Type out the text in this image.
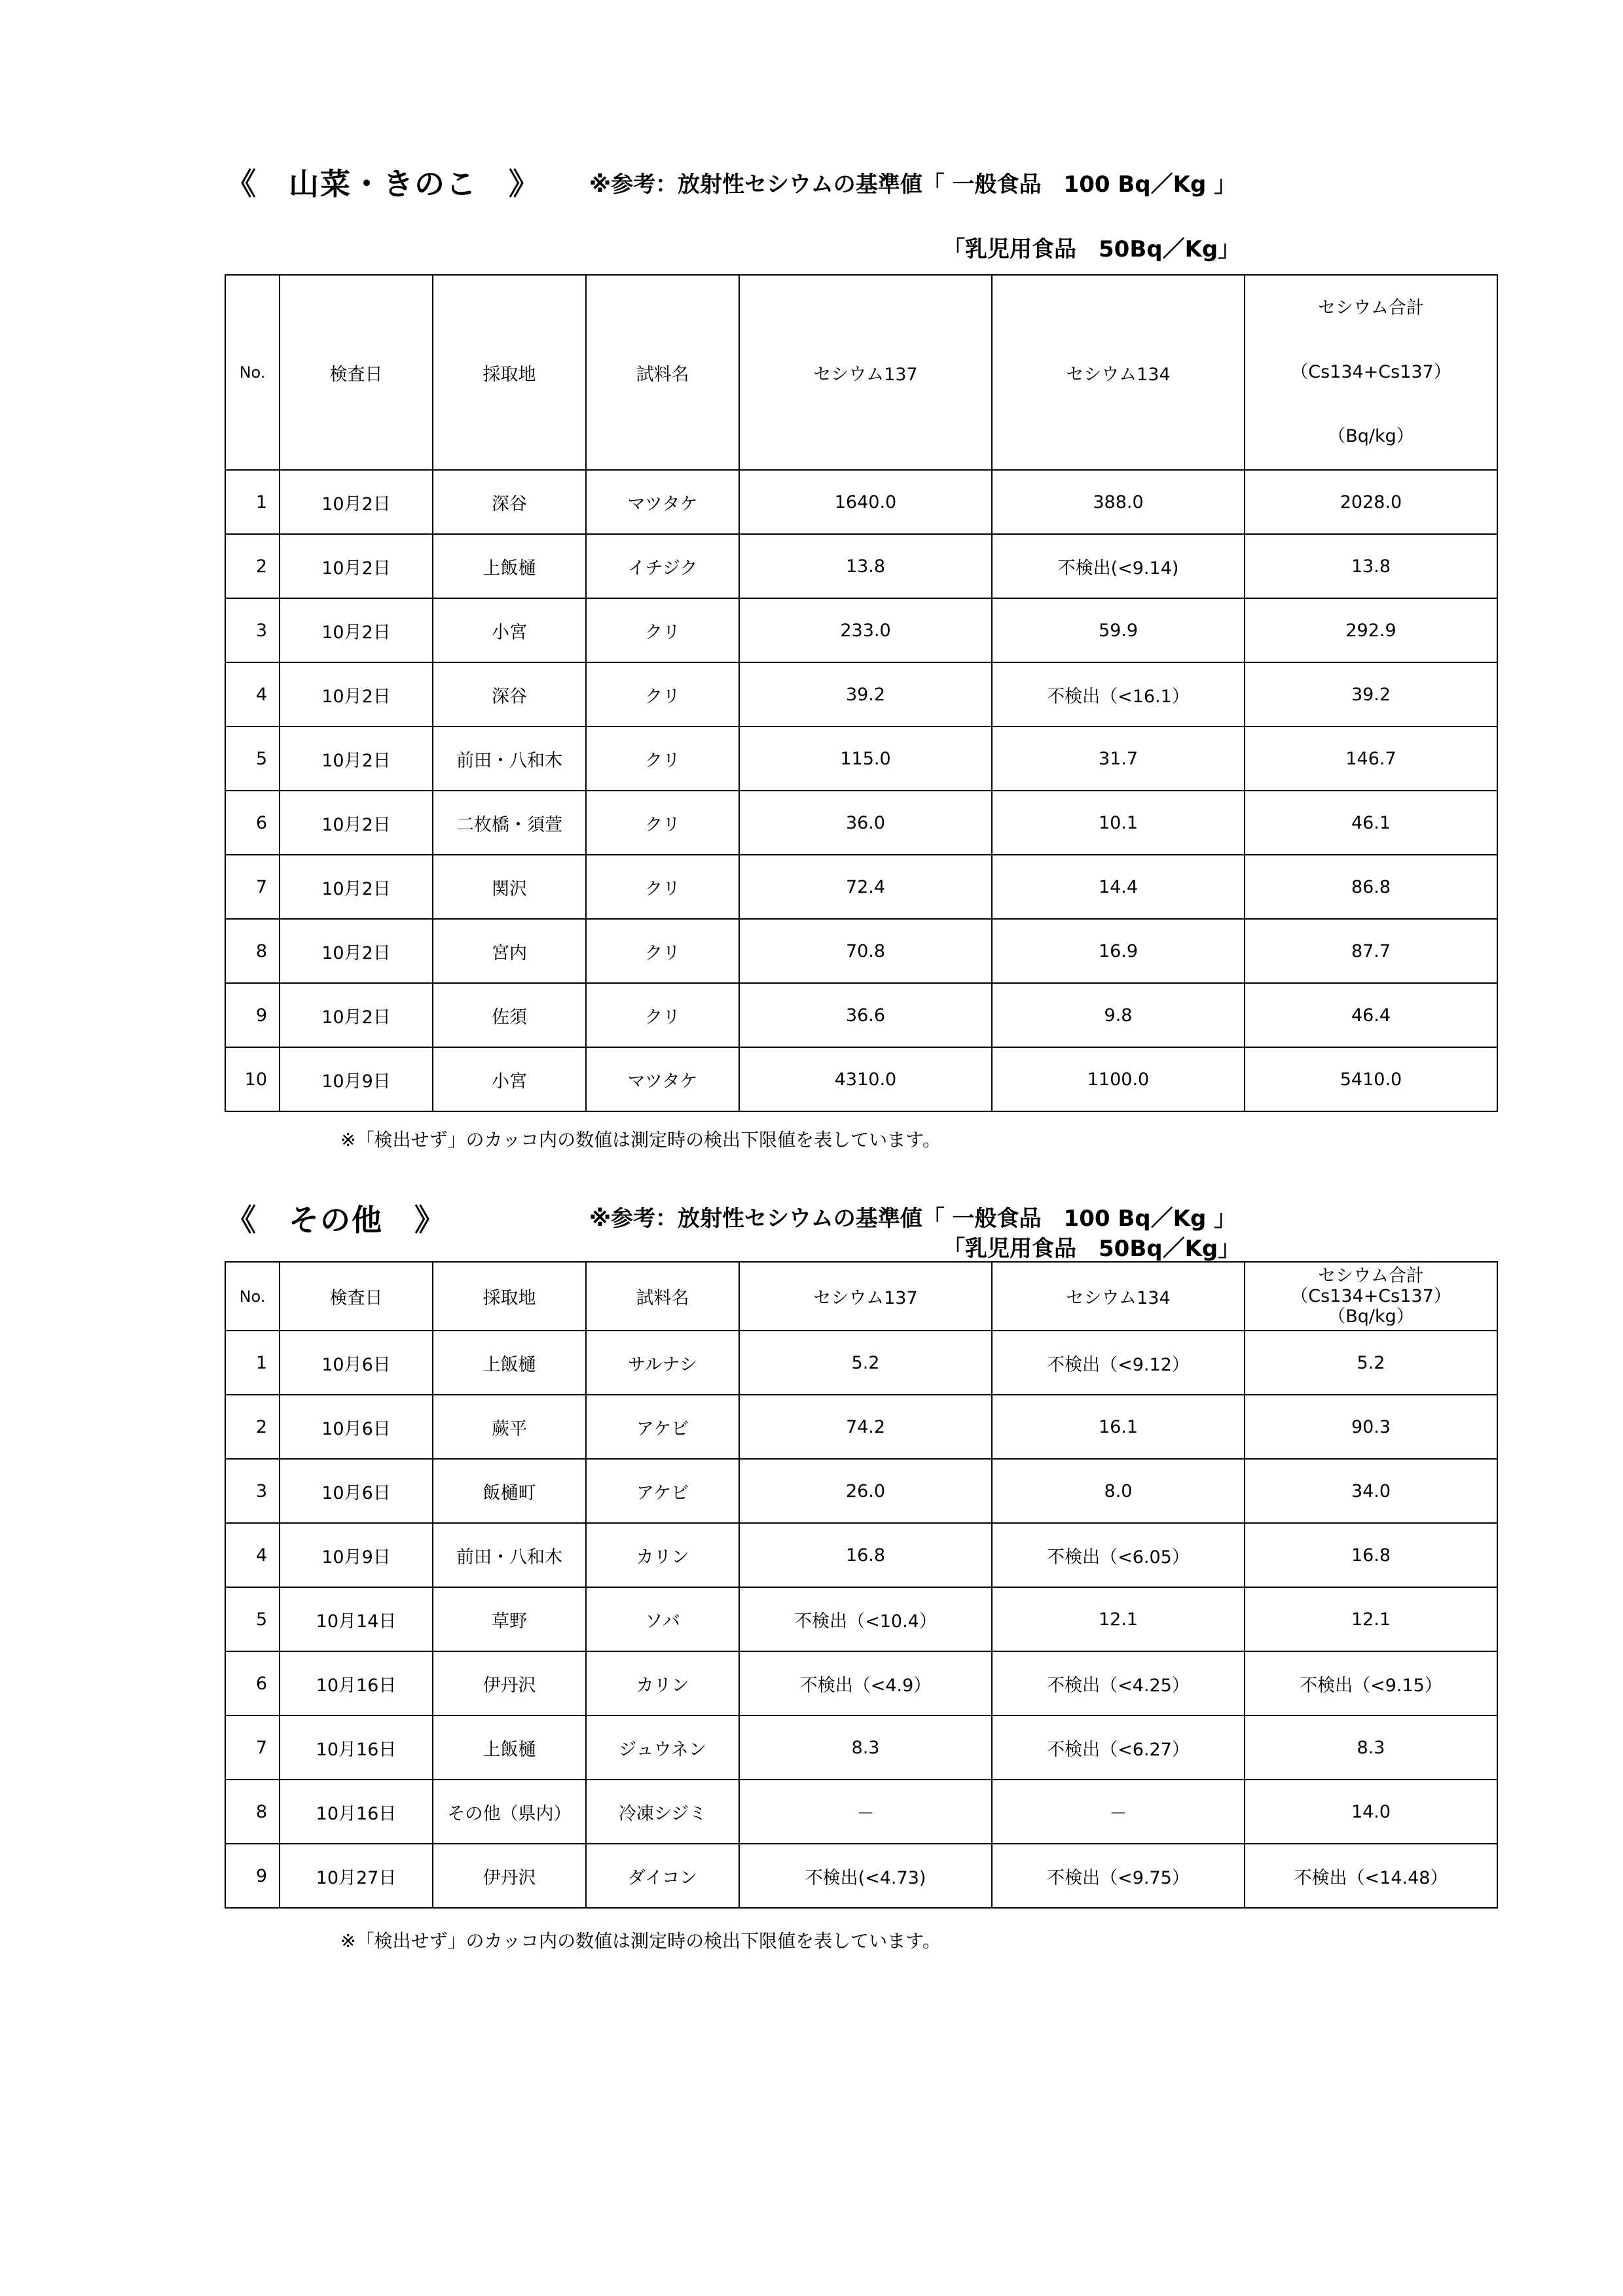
《　山菜・きのこ　》 ※参考：放射性セシウムの基準値「 一般食品　100 Bq／Kg 」
「乳児用食品　50Bq／Kg」
No.	検査日	採取地	試料名	セシウム137	セシウム134	セシウム合計
（Cs134+Cs137）
（Bq/kg）

1	10月2日	深谷	マツタケ	1640.0	388.0	2028.0
2	10月2日	上飯樋	イチジク	13.8	不検出(<9.14)	13.8
3	10月2日	小宮	クリ	233.0	59.9	292.9
4	10月2日	深谷	クリ	39.2	不検出（<16.1）	39.2
5	10月2日	前田・八和木	クリ	115.0	31.7	146.7
6	10月2日	二枚橋・須萱	クリ	36.0	10.1	46.1
7	10月2日	関沢	クリ	72.4	14.4	86.8
8	10月2日	宮内	クリ	70.8	16.9	87.7
9	10月2日	佐須	クリ	36.6	9.8	46.4
10	10月9日	小宮	マツタケ	4310.0	1100.0	5410.0
※「検出せず」のカッコ内の数値は測定時の検出下限値を表しています。
《　その他　》	※参考：放射性セシウムの基準値「 一般食品　100 Bq／Kg 」
「乳児用食品　50Bq／Kg」
No.	検査日	採取地	試料名	セシウム137	セシウム134	セシウム合計
（Cs134+Cs137）
（Bq/kg）

1	10月6日	上飯樋	サルナシ	5.2	不検出（<9.12）	5.2
2	10月6日	蕨平	アケビ	74.2	16.1	90.3
3	10月6日	飯樋町	アケビ	26.0	8.0	34.0
4	10月9日	前田・八和木	カリン	16.8	不検出（<6.05）	16.8
5	10月14日	草野	ソバ	不検出（<10.4）	12.1	12.1
6	10月16日	伊丹沢	カリン	不検出（<4.9）	不検出（<4.25）	不検出（<9.15）
7	10月16日	上飯樋	ジュウネン	8.3	不検出（<6.27）	8.3
8	10月16日	その他（県内）	冷凍シジミ	－	－	14.0
9	10月27日	伊丹沢	ダイコン	不検出(<4.73)	不検出（<9.75）	不検出（<14.48）
※「検出せず」のカッコ内の数値は測定時の検出下限値を表しています。
